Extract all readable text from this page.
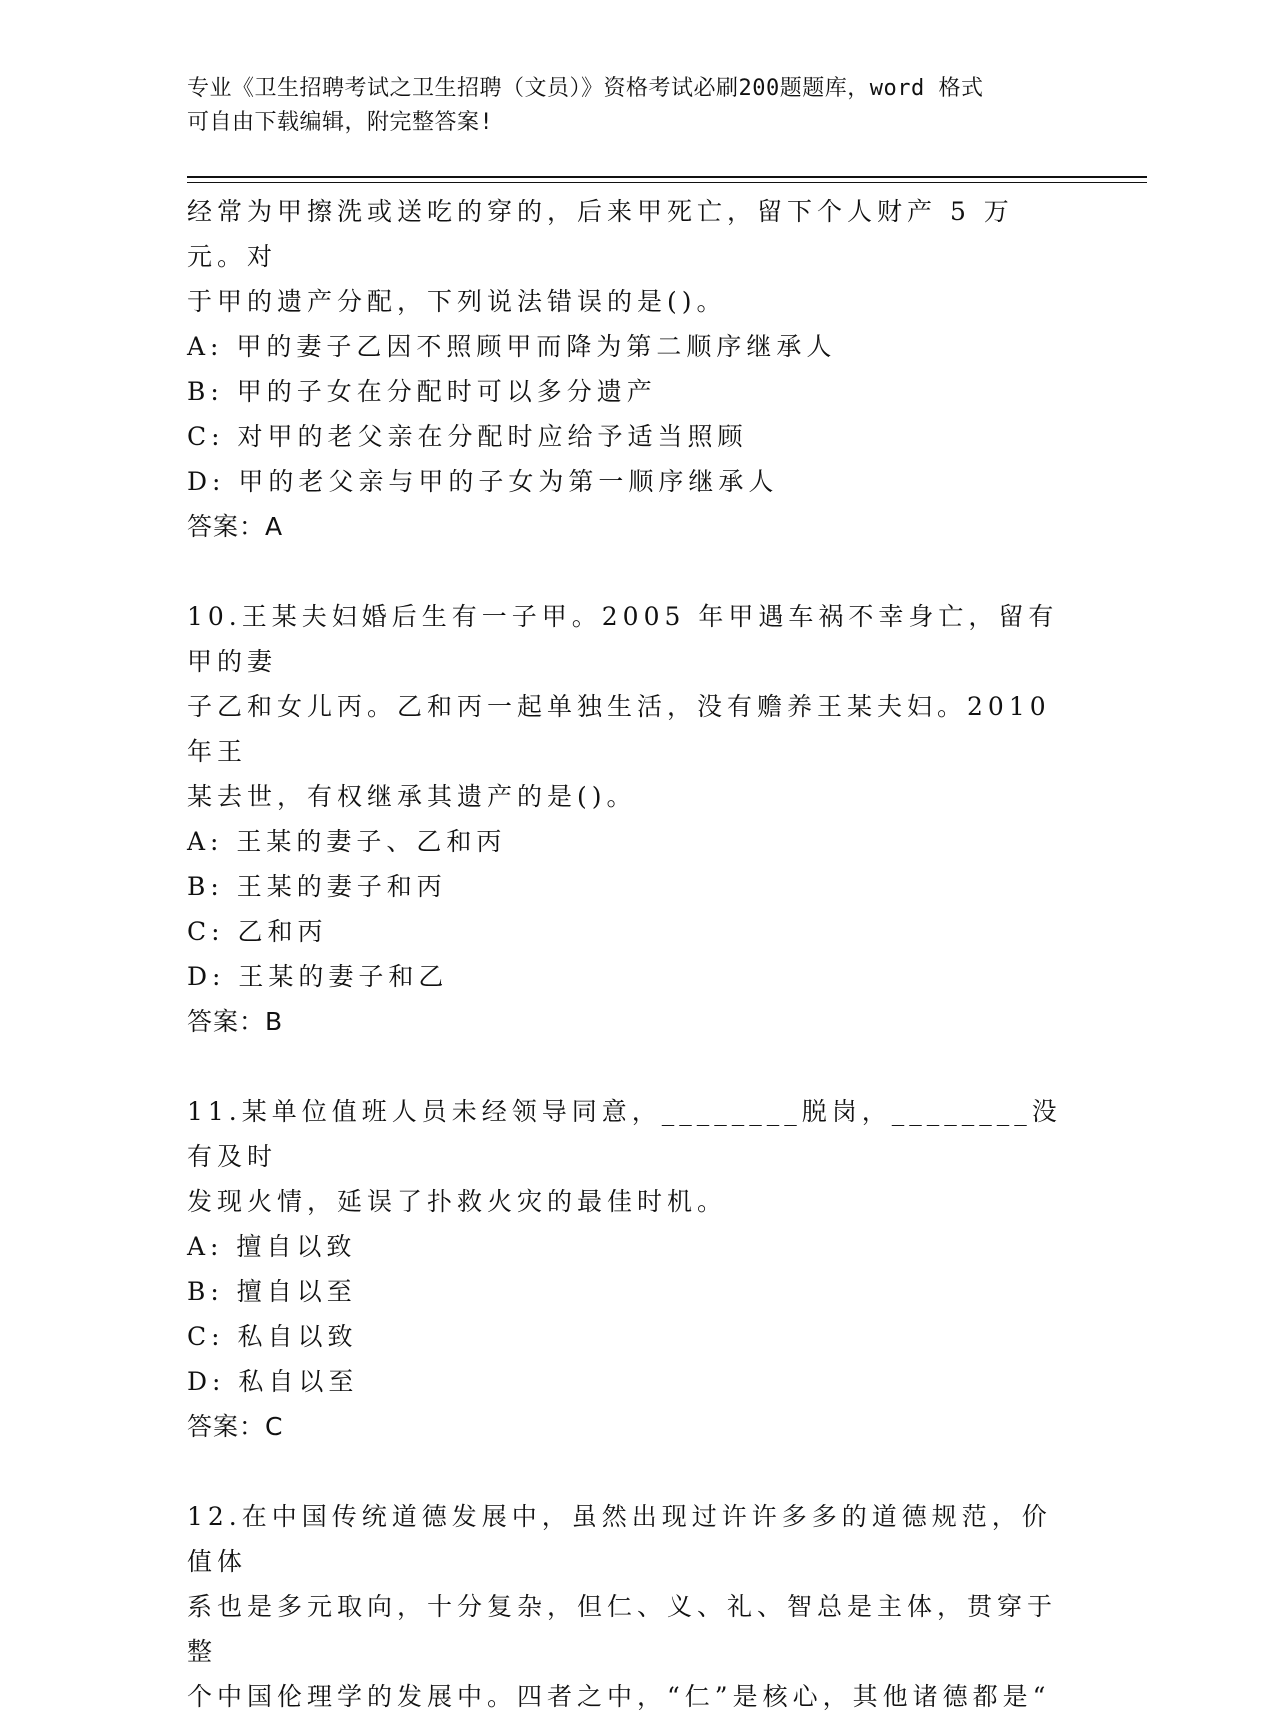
专业《卫生招聘考试之卫生招聘（文员）》资格考试必刷200题题库，word 格式
可自由下载编辑，附完整答案!

经常为甲擦洗或送吃的穿的，后来甲死亡，留下个人财产 5 万元。对

于甲的遗产分配，下列说法错误的是()。

A: 甲的妻子乙因不照顾甲而降为第二顺序继承人

B: 甲的子女在分配时可以多分遗产

C: 对甲的老父亲在分配时应给予适当照顾

D: 甲的老父亲与甲的子女为第一顺序继承人

答案：A

10.王某夫妇婚后生有一子甲。2005 年甲遇车祸不幸身亡，留有甲的妻

子乙和女儿丙。乙和丙一起单独生活，没有赡养王某夫妇。2010 年王

某去世，有权继承其遗产的是()。

A: 王某的妻子、乙和丙

B: 王某的妻子和丙

C: 乙和丙

D: 王某的妻子和乙

答案：B

11.某单位值班人员未经领导同意，________脱岗，________没有及时

发现火情，延误了扑救火灾的最佳时机。

A: 擅自以致

B: 擅自以至

C: 私自以致

D: 私自以至

答案：C

12.在中国传统道德发展中，虽然出现过许许多多的道德规范，价值体

系也是多元取向，十分复杂，但仁、义、礼、智总是主体，贯穿于整

个中国伦理学的发展中。四者之中，“仁”是核心，其他诸德都是“
